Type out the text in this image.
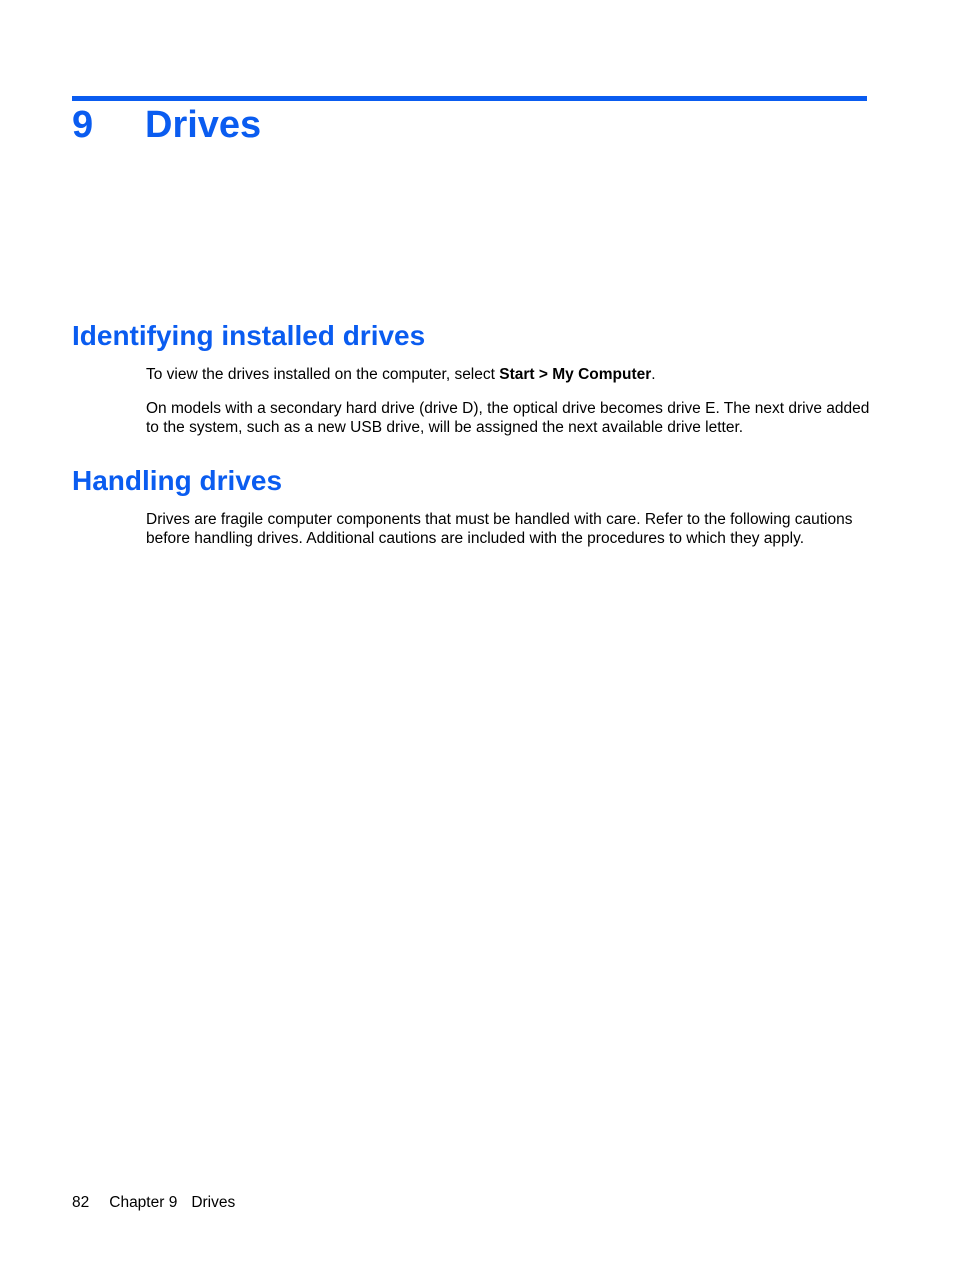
9 Drives
Identifying installed drives

To view the drives installed on the computer, select Start > My Computer.

On models with a secondary hard drive (drive D), the optical drive becomes drive E. The next drive added to the system, such as a new USB drive, will be assigned the next available drive letter.

Handling drives

Drives are fragile computer components that must be handled with care. Refer to the following cautions before handling drives. Additional cautions are included with the procedures to which they apply.

82 Chapter 9 Drives
